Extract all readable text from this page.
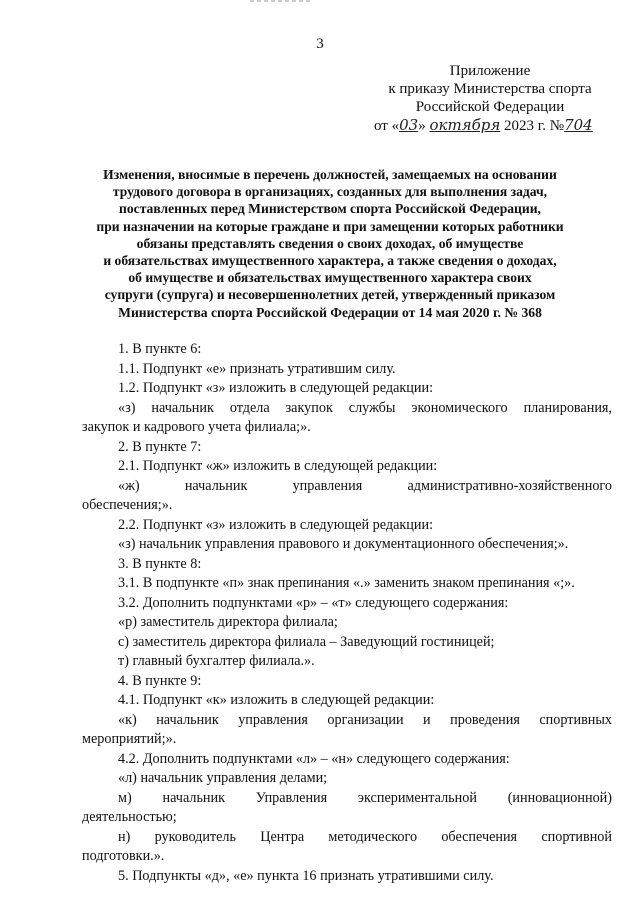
3
Приложение
к приказу Министерства спорта
Российской Федерации
от «03» октября 2023 г. №704
Изменения, вносимые в перечень должностей, замещаемых на основании
трудового договора в организациях, созданных для выполнения задач,
поставленных перед Министерством спорта Российской Федерации,
при назначении на которые граждане и при замещении которых работники
обязаны представлять сведения о своих доходах, об имуществе
и обязательствах имущественного характера, а также сведения о доходах,
об имуществе и обязательствах имущественного характера своих
супруги (супруга) и несовершеннолетних детей, утвержденный приказом
Министерства спорта Российской Федерации от 14 мая 2020 г. № 368
1. В пункте 6:
1.1. Подпункт «е» признать утратившим силу.
1.2. Подпункт «з» изложить в следующей редакции:
«з) начальник отдела закупок службы экономического планирования,
закупок и кадрового учета филиала;».
2. В пункте 7:
2.1. Подпункт «ж» изложить в следующей редакции:
«ж)	начальник	управления	административно-хозяйственного
обеспечения;».
2.2. Подпункт «з» изложить в следующей редакции:
«з) начальник управления правового и документационного обеспечения;».
3. В пункте 8:
3.1. В подпункте «п» знак препинания «.» заменить знаком препинания «;».
3.2. Дополнить подпунктами «р» – «т» следующего содержания:
«р) заместитель директора филиала;
с) заместитель директора филиала – Заведующий гостиницей;
т) главный бухгалтер филиала.».
4. В пункте 9:
4.1. Подпункт «к» изложить в следующей редакции:
«к) начальник управления организации и проведения спортивных
мероприятий;».
4.2. Дополнить подпунктами «л» – «н» следующего содержания:
«л) начальник управления делами;
м) начальник Управления экспериментальной (инновационной)
деятельностью;
н) руководитель Центра методического обеспечения спортивной
подготовки.».
5. Подпункты «д», «е» пункта 16 признать утратившими силу.
